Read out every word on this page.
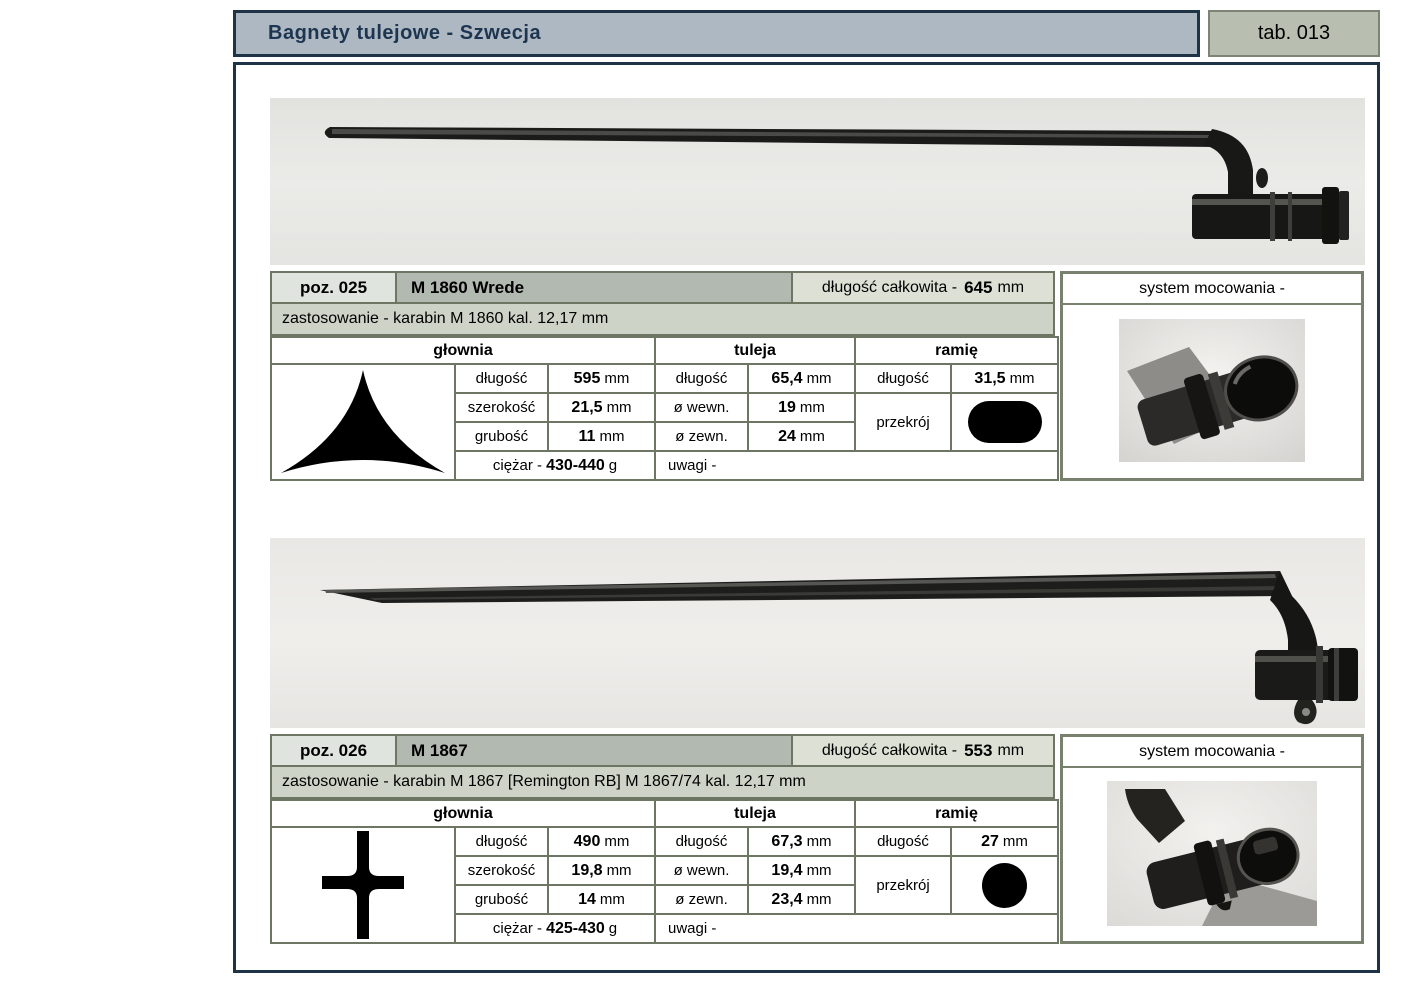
Bagnety tulejowe - Szwecja	tab. 013
poz. 025	M 1860 Wrede	długość całkowita - 645 mm
zastosowanie - karabin M 1860 kal. 12,17 mm
głownia	tuleja	ramię
długość	595 mm	długość	65,4 mm	długość	31,5 mm
szerokość	21,5 mm	ø wewn.	19 mm
przekrój
grubość	11 mm	ø zewn.	24 mm
ciężar - 430-440 g	uwagi -
system mocowania -
poz. 026	M 1867	długość całkowita - 553 mm
zastosowanie - karabin M 1867 [Remington RB] M 1867/74 kal. 12,17 mm
głownia	tuleja	ramię
długość	490 mm	długość	67,3 mm	długość	27 mm
szerokość	19,8 mm	ø wewn.	19,4 mm
przekrój
grubość	14 mm	ø zewn.	23,4 mm
ciężar - 425-430 g	uwagi -
system mocowania -
